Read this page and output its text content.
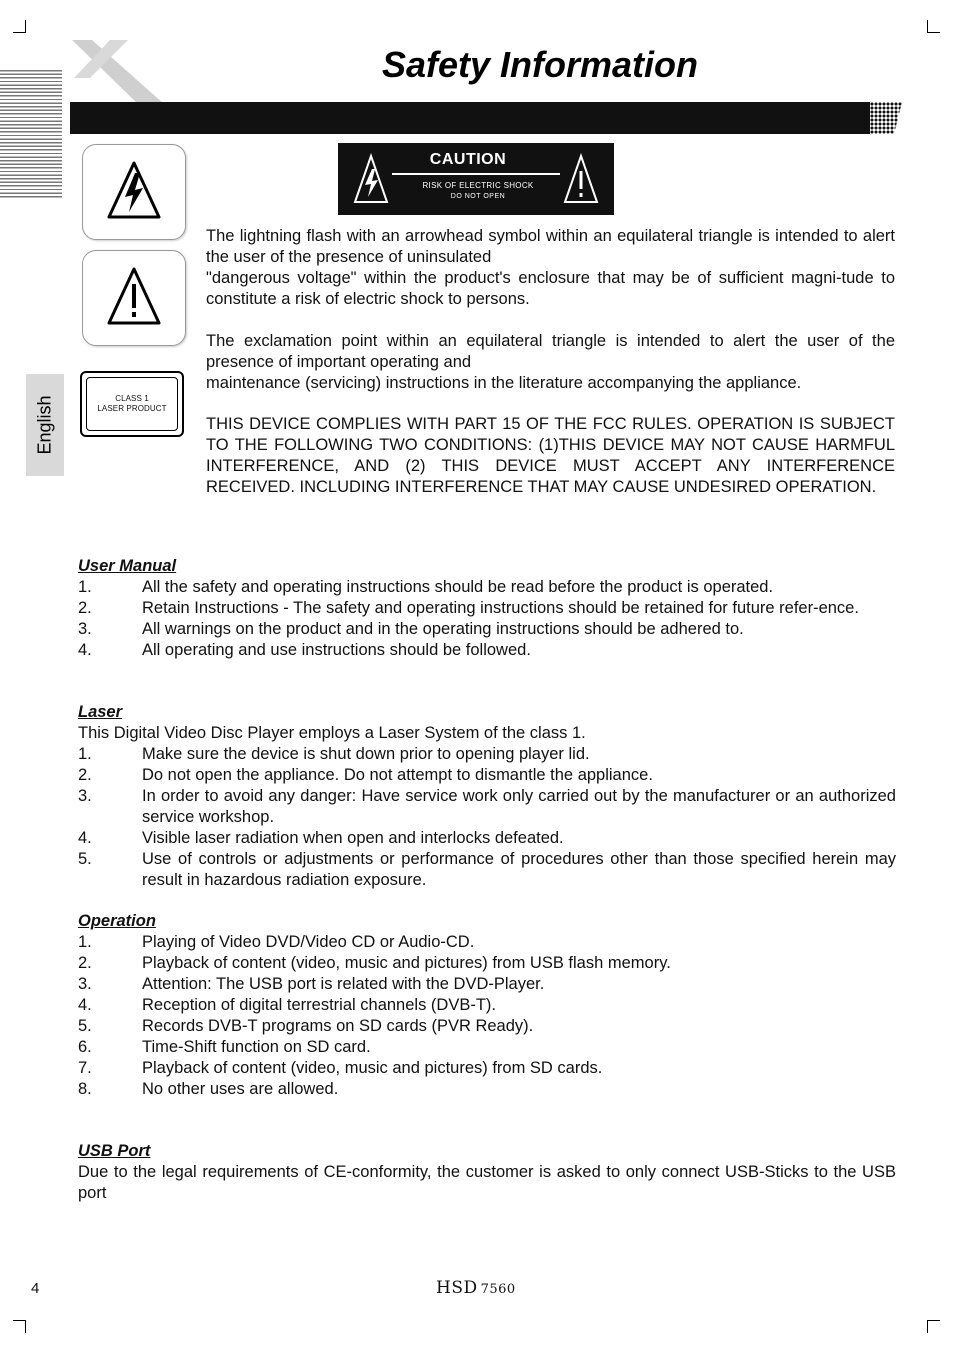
Safety Information
CLASS 1
LASER PRODUCT
CAUTION
RISK OF ELECTRIC SHOCK
DO NOT OPEN
English

The lightning flash with an arrowhead symbol within an equilateral triangle is intended to alert the user of the presence of uninsulated
"dangerous voltage" within the product's enclosure that may be of sufficient magni-tude to constitute a risk of electric shock to persons.

The exclamation point within an equilateral triangle is intended to alert the user of the presence of important operating and
maintenance (servicing) instructions in the literature accompanying the appliance.

THIS DEVICE COMPLIES WITH PART 15 OF THE FCC RULES. OPERATION IS SUBJECT TO THE FOLLOWING TWO CONDITIONS: (1)THIS DEVICE MAY NOT CAUSE HARMFUL INTERFERENCE, AND (2) THIS DEVICE MUST ACCEPT ANY INTERFERENCE RECEIVED. INCLUDING INTERFERENCE THAT MAY CAUSE UNDESIRED OPERATION.

User Manual
1.	All the safety and operating instructions should be read before the product is operated.
2.	Retain Instructions - The safety and operating instructions should be retained for future refer-ence.
3.	All warnings on the product and in the operating instructions should be adhered to.
4.	All operating and use instructions should be followed.
Laser
This Digital Video Disc Player employs a Laser System of the class 1.
1.	Make sure the device is shut down prior to opening player lid.
2.	Do not open the appliance. Do not attempt to dismantle the appliance.
3.	In order to avoid any danger: Have service work only carried out by the manufacturer or an authorized service workshop.
4.	Visible laser radiation when open and interlocks defeated.
5.	Use of controls or adjustments or performance of procedures other than those specified herein may result in hazardous radiation exposure.
Operation
1.	Playing of Video DVD/Video CD or Audio-CD.
2.	Playback of content (video, music and pictures) from USB flash memory.
3.	Attention: The USB port is related with the DVD-Player.
4.	Reception of digital terrestrial channels (DVB-T).
5.	Records DVB-T programs on SD cards (PVR Ready).
6.	Time-Shift function on SD card.
7.	Playback of content (video, music and pictures) from SD cards.
8.	No other uses are allowed.
USB Port
Due to the legal requirements of CE-conformity, the customer is asked to only connect USB-Sticks to the USB port
4	HSD 7560
